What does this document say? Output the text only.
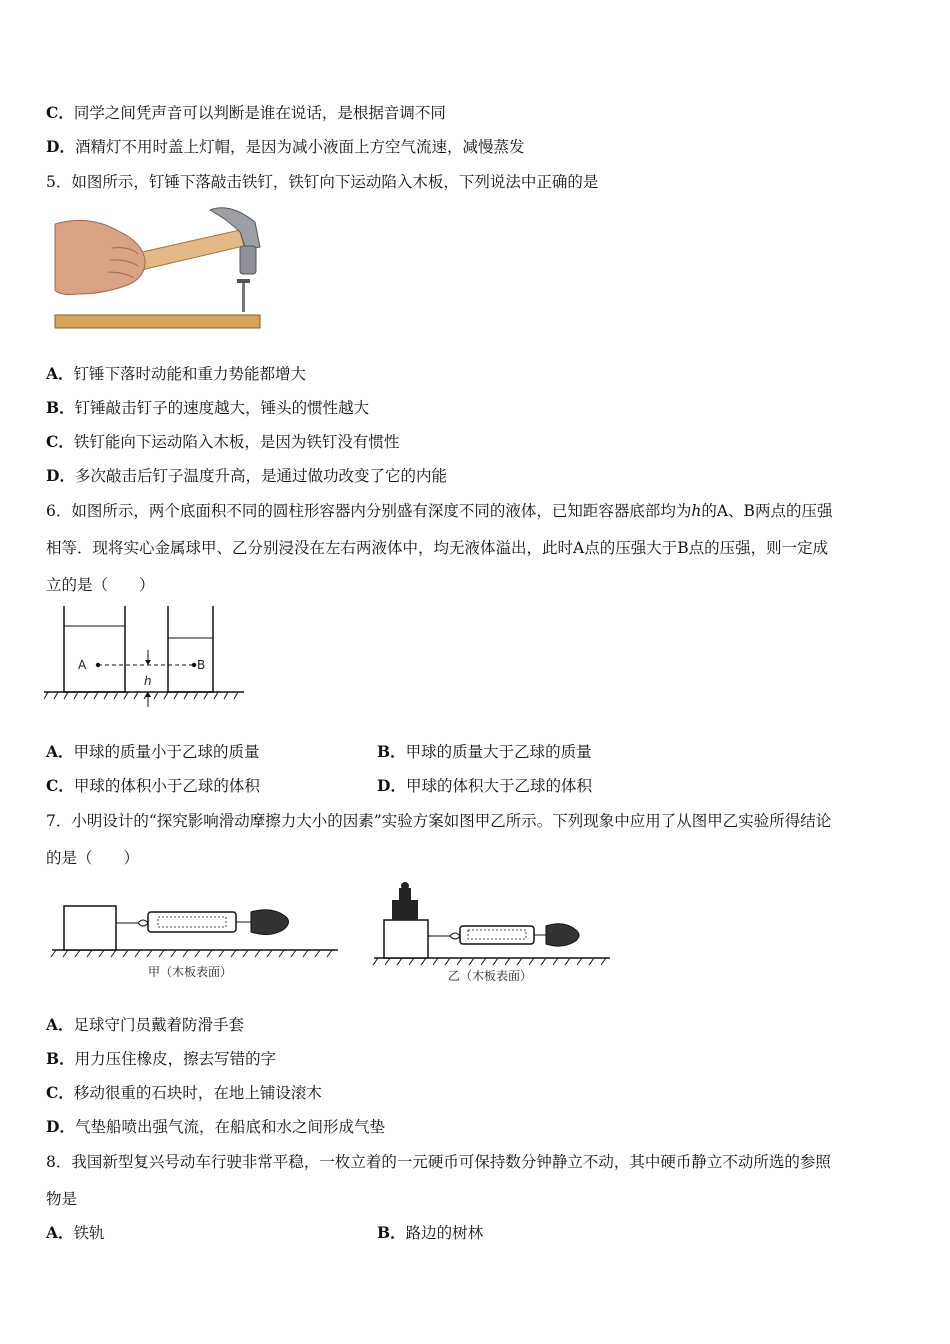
C．同学之间凭声音可以判断是谁在说话，是根据音调不同
D．酒精灯不用时盖上灯帽，是因为减小液面上方空气流速，减慢蒸发
5．如图所示，钉锤下落敲击铁钉，铁钉向下运动陷入木板，下列说法中正确的是
A．钉锤下落时动能和重力势能都增大
B．钉锤敲击钉子的速度越大，锤头的惯性越大
C．铁钉能向下运动陷入木板，是因为铁钉没有惯性
D．多次敲击后钉子温度升高，是通过做功改变了它的内能
6．如图所示，两个底面积不同的圆柱形容器内分别盛有深度不同的液体，已知距容器底部均为h的A、B两点的压强
相等．现将实心金属球甲、乙分别浸没在左右两液体中，均无液体溢出，此时A点的压强大于B点的压强，则一定成
立的是（　　）
A	B
h
A．甲球的质量小于乙球的质量	B．甲球的质量大于乙球的质量
C．甲球的体积小于乙球的体积	D．甲球的体积大于乙球的体积
7．小明设计的“探究影响滑动摩擦力大小的因素”实验方案如图甲乙所示。下列现象中应用了从图甲乙实验所得结论
的是（　　）
甲（木板表面）	乙（木板表面）
A．足球守门员戴着防滑手套
B．用力压住橡皮，擦去写错的字
C．移动很重的石块时，在地上铺设滚木
D．气垫船喷出强气流，在船底和水之间形成气垫
8．我国新型复兴号动车行驶非常平稳，一枚立着的一元硬币可保持数分钟静立不动，其中硬币静立不动所选的参照
物是
A．铁轨	B．路边的树林
